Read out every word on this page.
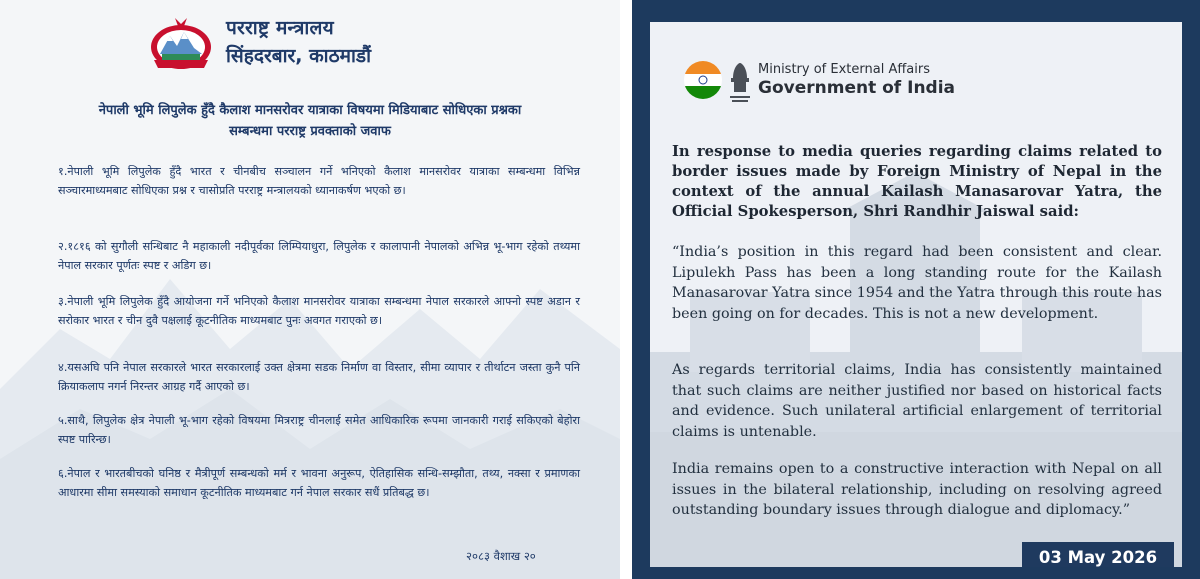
परराष्ट्र मन्त्रालय
सिंहदरबार, काठमाडौं
नेपाली भूमि लिपुलेक हुँदै कैलाश मानसरोवर यात्राका विषयमा मिडियाबाट सोधिएका प्रश्नका
सम्बन्धमा परराष्ट्र प्रवक्ताको जवाफ

१.नेपाली भूमि लिपुलेक हुँदै भारत र चीनबीच सञ्चालन गर्ने भनिएको कैलाश मानसरोवर यात्राका सम्बन्धमा विभिन्न सञ्चारमाध्यमबाट सोधिएका प्रश्न र चासोप्रति परराष्ट्र मन्त्रालयको ध्यानाकर्षण भएको छ।

२.१८१६ को सुगौली सन्धिबाट नै महाकाली नदीपूर्वका लिम्पियाधुरा, लिपुलेक र कालापानी नेपालको अभिन्न भू-भाग रहेको तथ्यमा नेपाल सरकार पूर्णतः स्पष्ट र अडिग छ।

३.नेपाली भूमि लिपुलेक हुँदै आयोजना गर्ने भनिएको कैलाश मानसरोवर यात्राका सम्बन्धमा नेपाल सरकारले आफ्नो स्पष्ट अडान र सरोकार भारत र चीन दुवै पक्षलाई कूटनीतिक माध्यमबाट पुनः अवगत गराएको छ।

४.यसअघि पनि नेपाल सरकारले भारत सरकारलाई उक्त क्षेत्रमा सडक निर्माण वा विस्तार, सीमा व्यापार र तीर्थाटन जस्ता कुनै पनि क्रियाकलाप नगर्न निरन्तर आग्रह गर्दै आएको छ।

५.साथै, लिपुलेक क्षेत्र नेपाली भू-भाग रहेको विषयमा मित्रराष्ट्र चीनलाई समेत आधिकारिक रूपमा जानकारी गराई सकिएको बेहोरा स्पष्ट पारिन्छ।

६.नेपाल र भारतबीचको घनिष्ठ र मैत्रीपूर्ण सम्बन्धको मर्म र भावना अनुरूप, ऐतिहासिक सन्धि-सम्झौता, तथ्य, नक्सा र प्रमाणका आधारमा सीमा समस्याको समाधान कूटनीतिक माध्यमबाट गर्न नेपाल सरकार सधैं प्रतिबद्ध छ।

२०८३ वैशाख २०
Ministry of External Affairs
Government of India

In response to media queries regarding claims related to border issues made by Foreign Ministry of Nepal in the context of the annual Kailash Manasarovar Yatra, the Official Spokesperson, Shri Randhir Jaiswal said:

“India’s position in this regard had been consistent and clear. Lipulekh Pass has been a long standing route for the Kailash Manasarovar Yatra since 1954 and the Yatra through this route has been going on for decades. This is not a new development.

As regards territorial claims, India has consistently maintained that such claims are neither justified nor based on historical facts and evidence. Such unilateral artificial enlargement of territorial claims is untenable.

India remains open to a constructive interaction with Nepal on all issues in the bilateral relationship, including on resolving agreed outstanding boundary issues through dialogue and diplomacy.”

03 May 2026
